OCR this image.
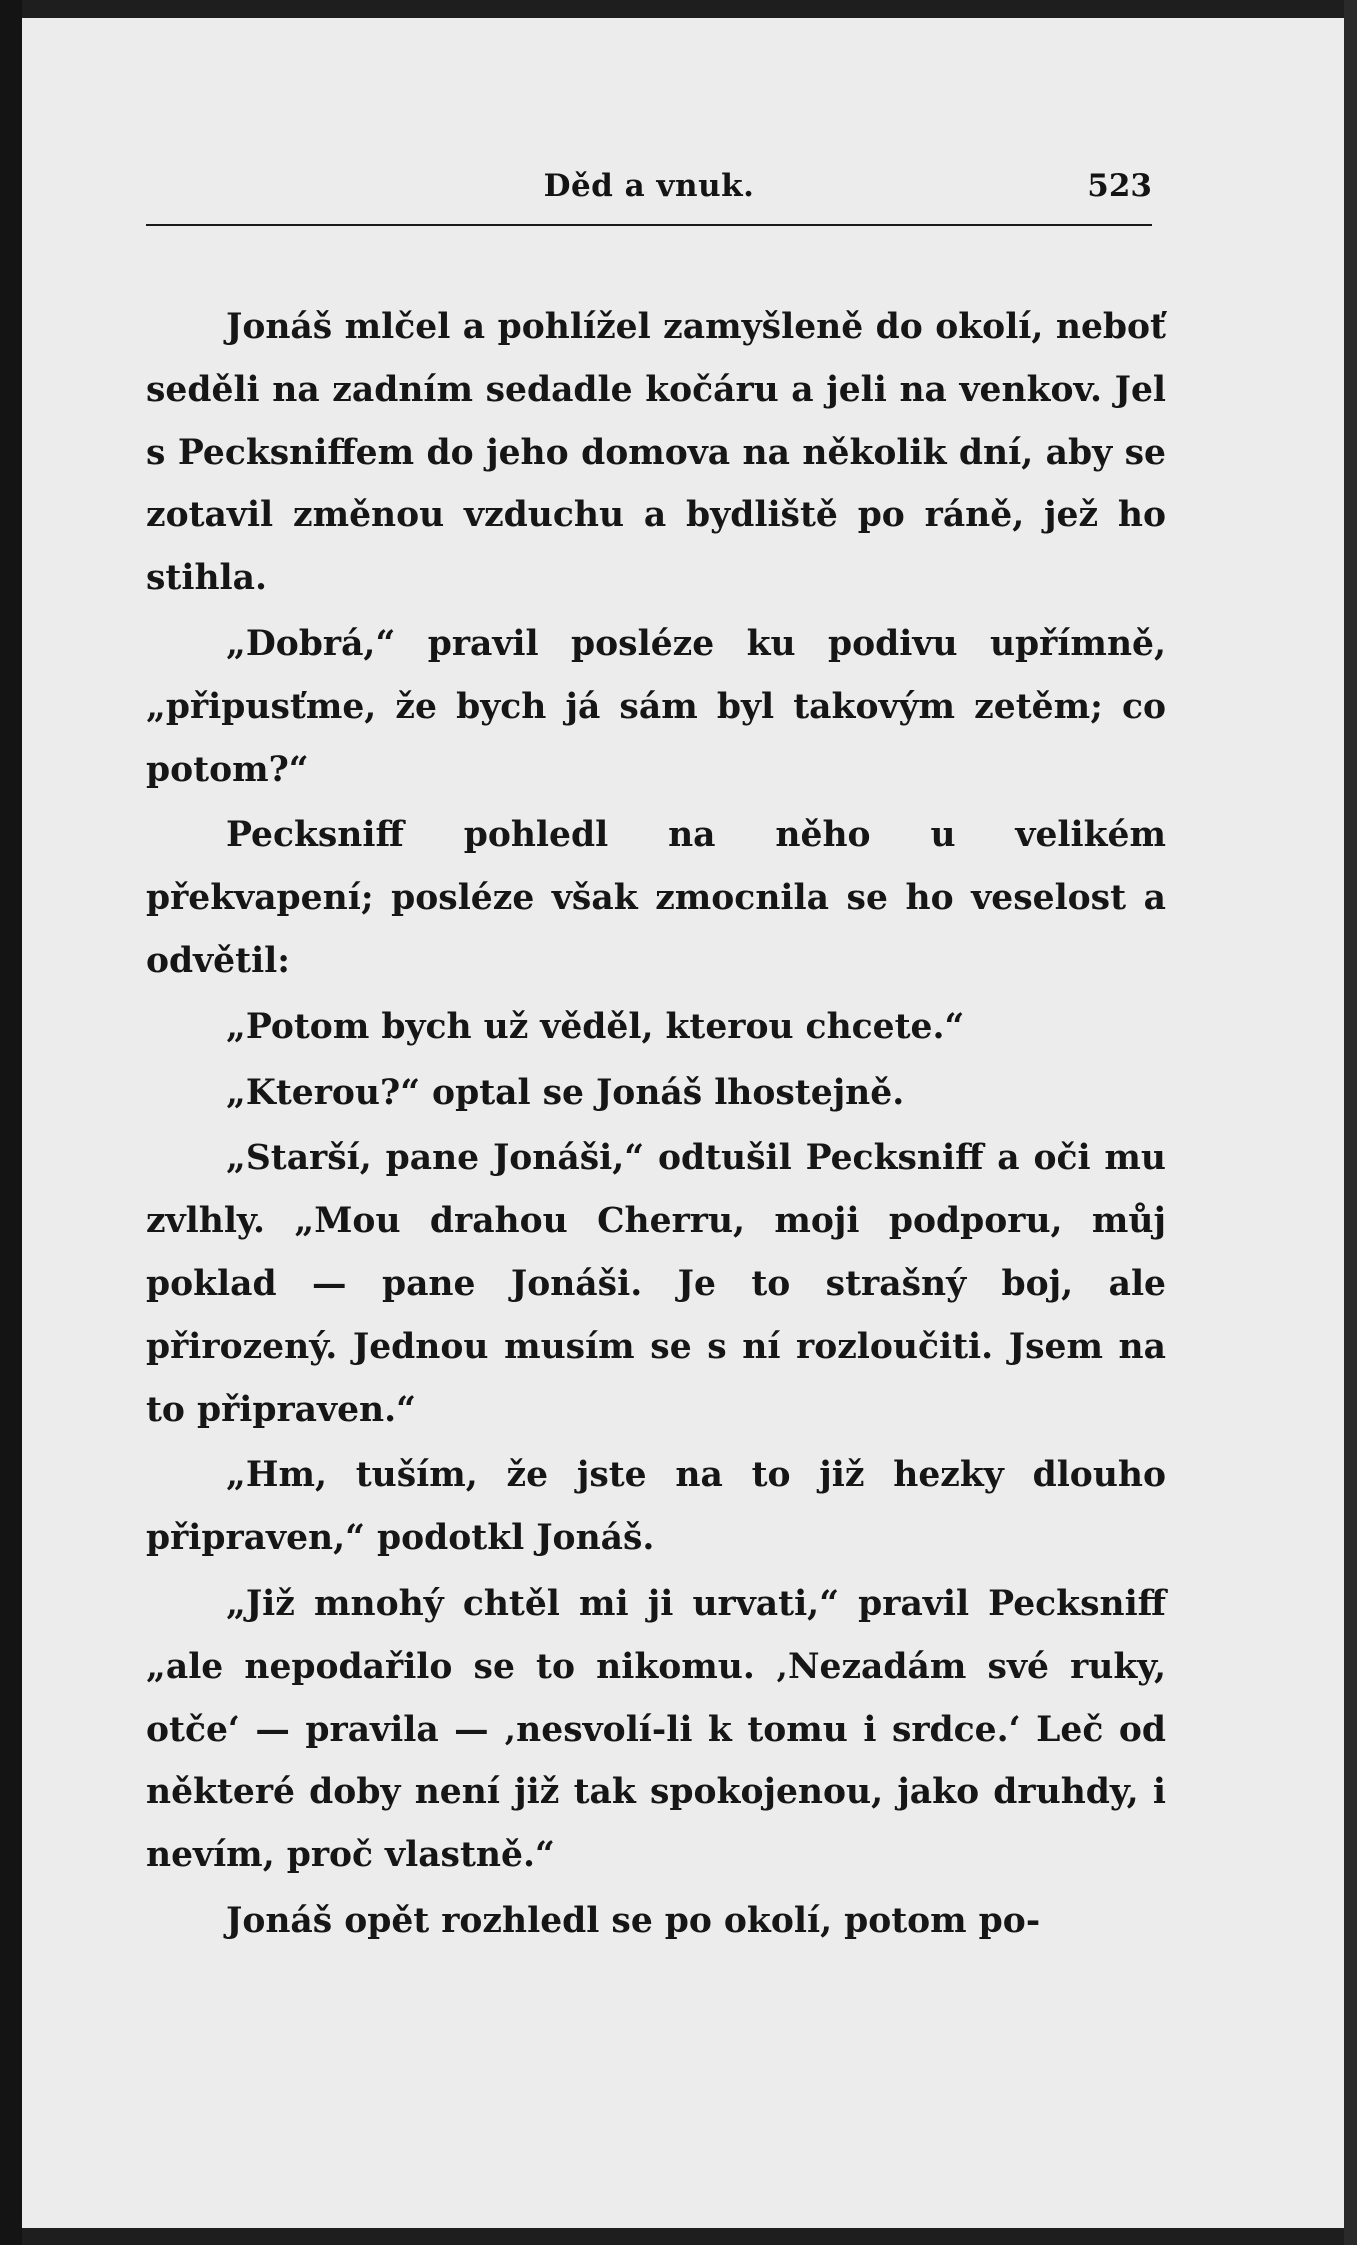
Děd a vnuk.	523

Jonáš mlčel a pohlížel zamyšleně do okolí, neboť seděli na zadním sedadle kočáru a jeli na venkov. Jel s Pecksniffem do jeho domova na několik dní, aby se zotavil změnou vzduchu a bydliště po ráně, jež ho stihla.

„Dobrá,“ pravil posléze ku podivu upřímně, „připusťme, že bych já sám byl takovým zetěm; co potom?“

Pecksniff pohledl na něho u velikém překvapení; posléze však zmocnila se ho veselost a odvětil:

„Potom bych už věděl, kterou chcete.“

„Kterou?“ optal se Jonáš lhostejně.

„Starší, pane Jonáši,“ odtušil Pecksniff a oči mu zvlhly. „Mou drahou Cherru, moji podporu, můj poklad — pane Jonáši. Je to strašný boj, ale přirozený. Jednou musím se s ní rozloučiti. Jsem na to připraven.“

„Hm, tuším, že jste na to již hezky dlouho připraven,“ podotkl Jonáš.

„Již mnohý chtěl mi ji urvati,“ pravil Pecksniff „ale nepodařilo se to nikomu. ‚Nezadám své ruky, otče‘ — pravila — ‚nesvolí-li k tomu i srdce.‘ Leč od některé doby není již tak spokojenou, jako druhdy, i nevím, proč vlastně.“

Jonáš opět rozhledl se po okolí, potom po-
